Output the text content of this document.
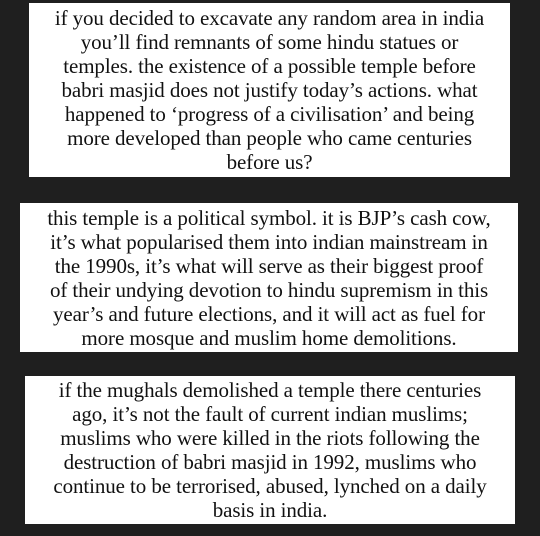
if you decided to excavate any random area in india
you’ll find remnants of some hindu statues or
temples. the existence of a possible temple before
babri masjid does not justify today’s actions. what
happened to ‘progress of a civilisation’ and being
more developed than people who came centuries
before us?
this temple is a political symbol. it is BJP’s cash cow,
it’s what popularised them into indian mainstream in
the 1990s, it’s what will serve as their biggest proof
of their undying devotion to hindu supremism in this
year’s and future elections, and it will act as fuel for
more mosque and muslim home demolitions.
if the mughals demolished a temple there centuries
ago, it’s not the fault of current indian muslims;
muslims who were killed in the riots following the
destruction of babri masjid in 1992, muslims who
continue to be terrorised, abused, lynched on a daily
basis in india.
